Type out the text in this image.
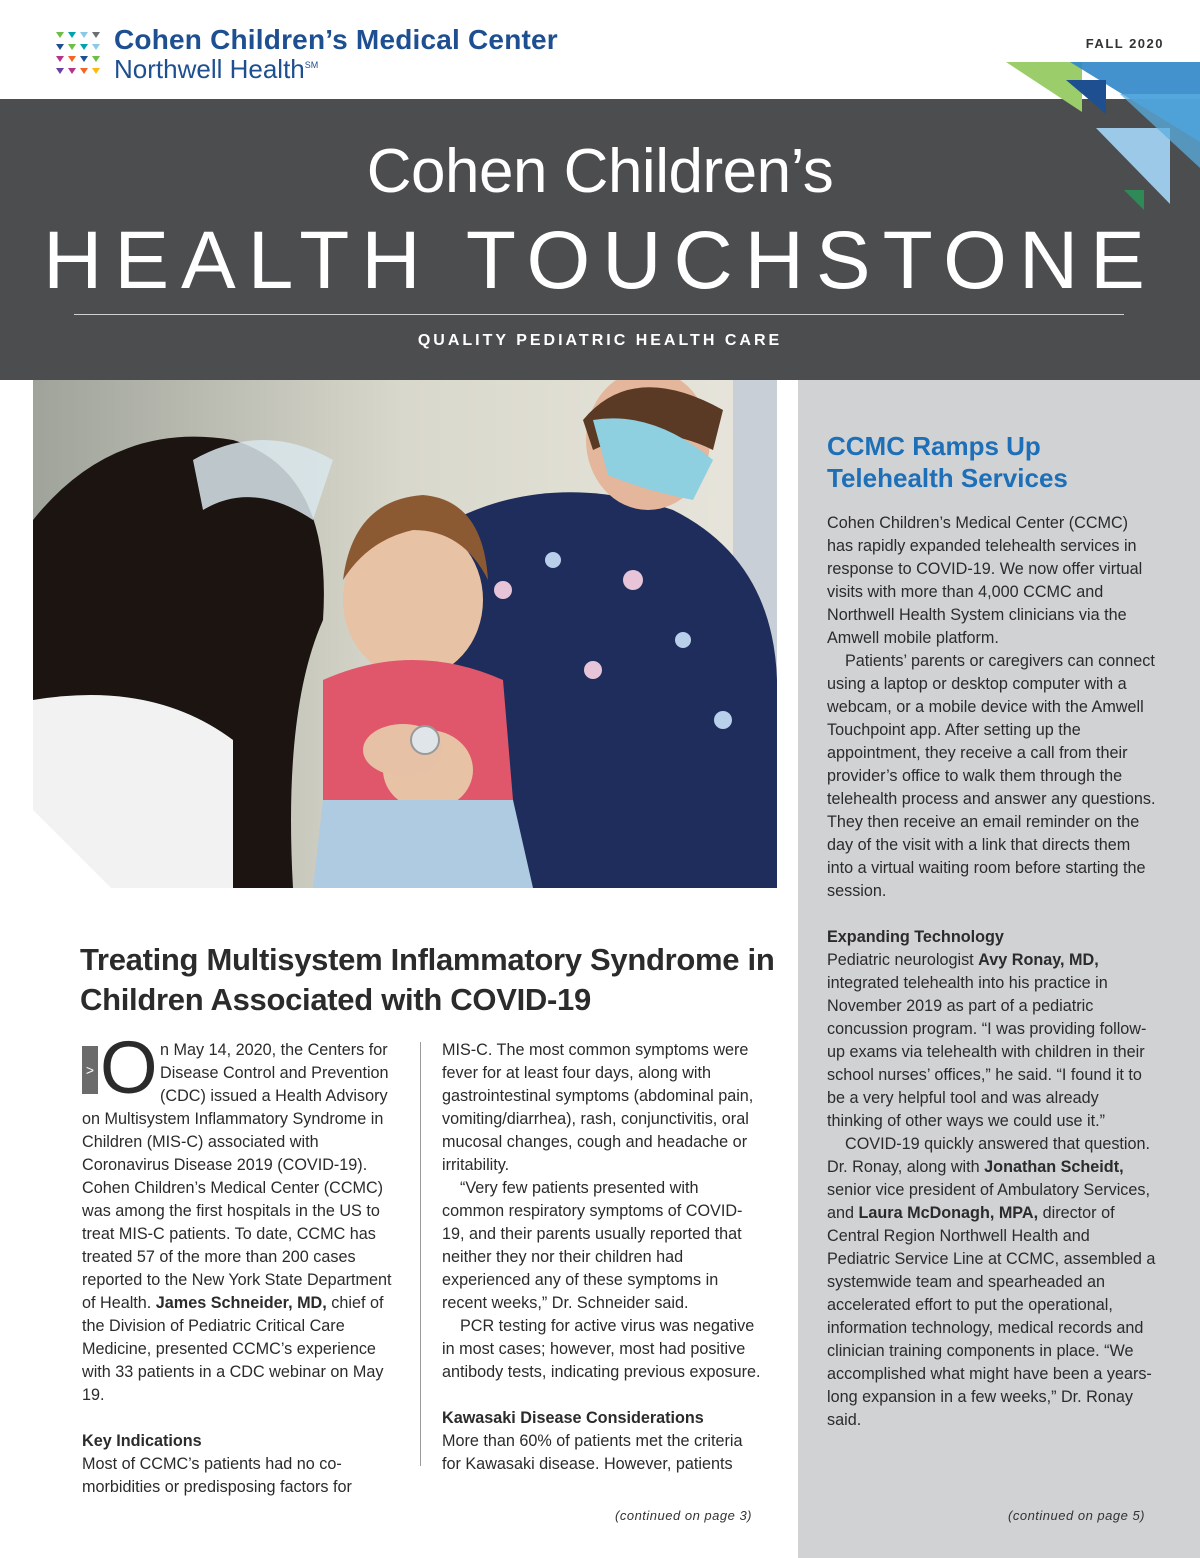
Cohen Children’s Medical Center
Northwell Health℠
FALL 2020
Cohen Children’s
HEALTH TOUCHSTONE
QUALITY PEDIATRIC HEALTH CARE
CCMC Ramps Up Telehealth Services

Cohen Children’s Medical Center (CCMC) has rapidly expanded telehealth services in response to COVID-19. We now offer virtual visits with more than 4,000 CCMC and Northwell Health System clinicians via the Amwell mobile platform.

Patients’ parents or caregivers can connect using a laptop or desktop computer with a webcam, or a mobile device with the Amwell Touchpoint app. After setting up the appointment, they receive a call from their provider’s office to walk them through the telehealth process and answer any questions. They then receive an email reminder on the day of the visit with a link that directs them into a virtual waiting room before starting the session.

Expanding Technology

Pediatric neurologist Avy Ronay, MD, integrated telehealth into his practice in November 2019 as part of a pediatric concussion program. “I was providing follow-up exams via telehealth with children in their school nurses’ offices,” he said. “I found it to be a very helpful tool and was already thinking of other ways we could use it.”

COVID-19 quickly answered that question. Dr. Ronay, along with Jonathan Scheidt, senior vice president of Ambulatory Services, and Laura McDonagh, MPA, director of Central Region Northwell Health and Pediatric Service Line at CCMC, assembled a systemwide team and spearheaded an accelerated effort to put the operational, information technology, medical records and clinician training components in place. “We accomplished what might have been a years-long expansion in a few weeks,” Dr. Ronay said.

(continued on page 5)
Treating Multisystem Inflammatory Syndrome in Children Associated with COVID-19
> O n May 14, 2020, the Centers for Disease Control and Prevention (CDC) issued a Health Advisory on Multisystem Inflammatory Syndrome in Children (MIS-C) associated with Coronavirus Disease 2019 (COVID-19). Cohen Children’s Medical Center (CCMC) was among the first hospitals in the US to treat MIS-C patients. To date, CCMC has treated 57 of the more than 200 cases reported to the New York State Department of Health. James Schneider, MD, chief of the Division of Pediatric Critical Care Medicine, presented CCMC’s experience with 33 patients in a CDC webinar on May 19.

Key Indications

Most of CCMC’s patients had no co-morbidities or predisposing factors for

MIS-C. The most common symptoms were fever for at least four days, along with gastrointestinal symptoms (abdominal pain, vomiting/diarrhea), rash, conjunctivitis, oral mucosal changes, cough and headache or irritability.

“Very few patients presented with common respiratory symptoms of COVID-19, and their parents usually reported that neither they nor their children had experienced any of these symptoms in recent weeks,” Dr. Schneider said.

PCR testing for active virus was negative in most cases; however, most had positive antibody tests, indicating previous exposure.

Kawasaki Disease Considerations

More than 60% of patients met the criteria for Kawasaki disease. However, patients

(continued on page 3)
